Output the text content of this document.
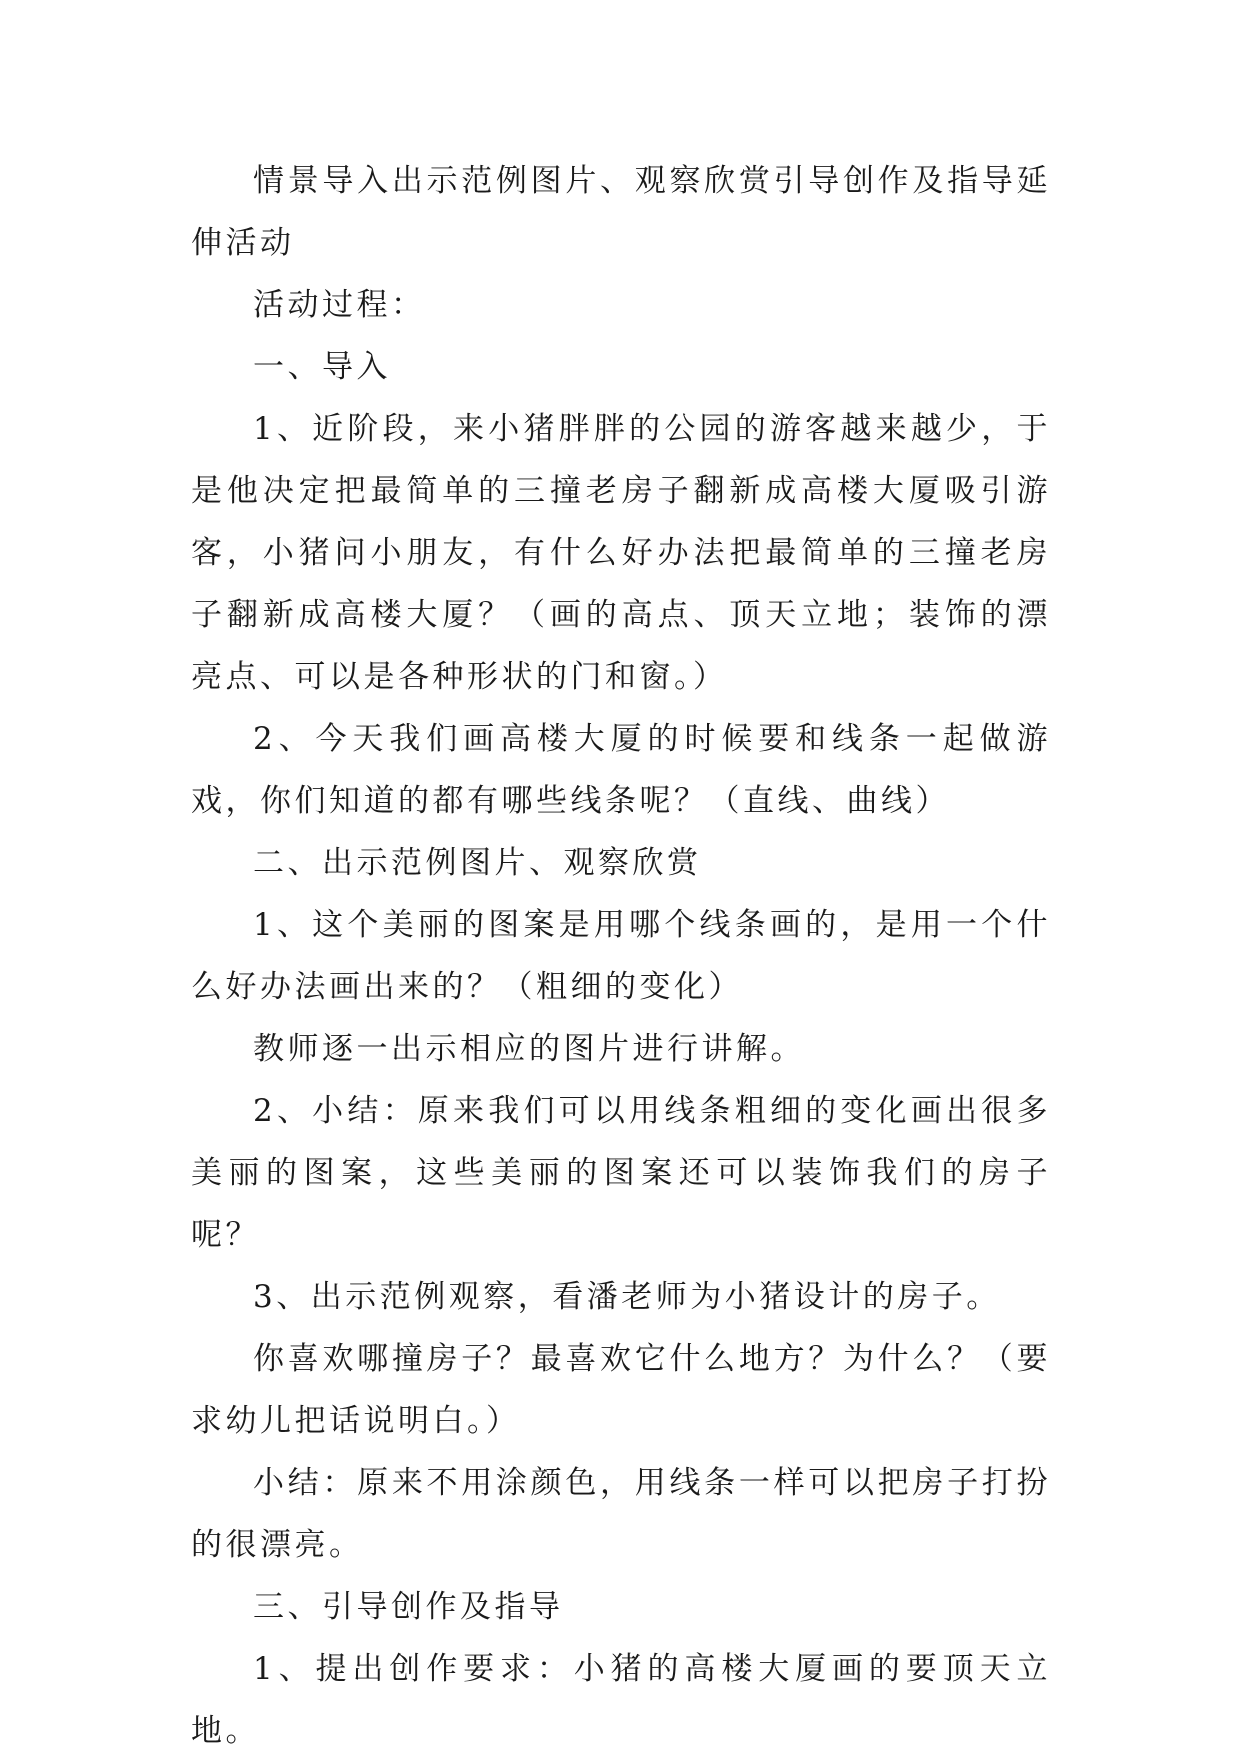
情景导入出示范例图片、观察欣赏引导创作及指导延伸活动

活动过程：

一、导入

1、近阶段，来小猪胖胖的公园的游客越来越少，于是他决定把最简单的三撞老房子翻新成高楼大厦吸引游客，小猪问小朋友，有什么好办法把最简单的三撞老房子翻新成高楼大厦？（画的高点、顶天立地；装饰的漂亮点、可以是各种形状的门和窗。）

2、今天我们画高楼大厦的时候要和线条一起做游戏，你们知道的都有哪些线条呢？（直线、曲线）

二、出示范例图片、观察欣赏

1、这个美丽的图案是用哪个线条画的，是用一个什么好办法画出来的？（粗细的变化）

教师逐一出示相应的图片进行讲解。

2、小结：原来我们可以用线条粗细的变化画出很多美丽的图案，这些美丽的图案还可以装饰我们的房子呢？

3、出示范例观察，看潘老师为小猪设计的房子。

你喜欢哪撞房子？最喜欢它什么地方？为什么？（要求幼儿把话说明白。）

小结：原来不用涂颜色，用线条一样可以把房子打扮的很漂亮。

三、引导创作及指导

1、提出创作要求：小猪的高楼大厦画的要顶天立地。
